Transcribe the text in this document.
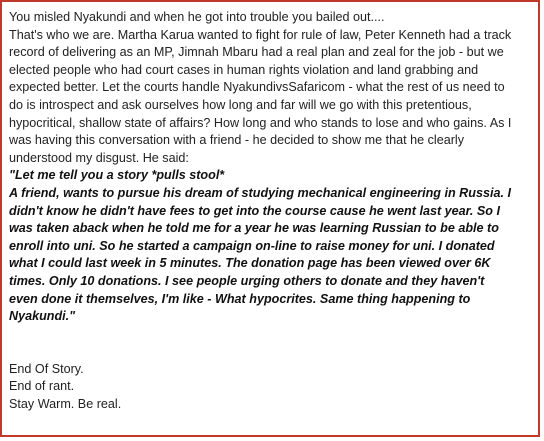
You misled Nyakundi and when he got into trouble you bailed out....
That's who we are. Martha Karua wanted to fight for rule of law, Peter Kenneth had a track
record of delivering as an MP, Jimnah Mbaru had a real plan and zeal for the job - but we
elected people who had court cases in human rights violation and land grabbing and
expected better. Let the courts handle NyakundivsSafaricom - what the rest of us need to
do is introspect and ask ourselves how long and far will we go with this pretentious,
hypocritical, shallow state of affairs? How long and who stands to lose and who gains. As I
was having this conversation with a friend - he decided to show me that he clearly
understood my disgust. He said:
"Let me tell you a story *pulls stool*
A friend, wants to pursue his dream of studying mechanical engineering in Russia. I
didn't know he didn't have fees to get into the course cause he went last year. So I
was taken aback when he told me for a year he was learning Russian to be able to
enroll into uni. So he started a campaign on-line to raise money for uni. I donated
what I could last week in 5 minutes. The donation page has been viewed over 6K
times. Only 10 donations. I see people urging others to donate and they haven't
even done it themselves, I'm like - What hypocrites. Same thing happening to
Nyakundi."
End Of Story.
End of rant.
Stay Warm. Be real.
